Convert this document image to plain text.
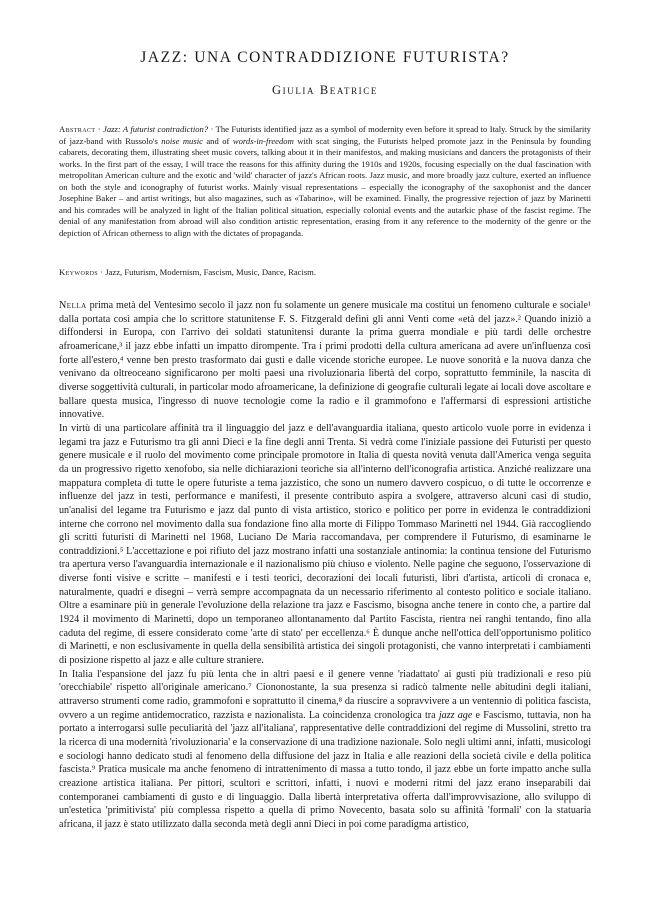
JAZZ: UNA CONTRADDIZIONE FUTURISTA?
Giulia Beatrice
Abstract · Jazz: A futurist contradiction? · The Futurists identified jazz as a symbol of modernity even before it spread to Italy. Struck by the similarity of jazz-band with Russolo's noise music and of words-in-freedom with scat singing, the Futurists helped promote jazz in the Peninsula by founding cabarets, decorating them, illustrating sheet music covers, talking about it in their manifestos, and making musicians and dancers the protagonists of their works. In the first part of the essay, I will trace the reasons for this affinity during the 1910s and 1920s, focusing especially on the dual fascination with metropolitan American culture and the exotic and 'wild' character of jazz's African roots. Jazz music, and more broadly jazz culture, exerted an influence on both the style and iconography of futurist works. Mainly visual representations – especially the iconography of the saxophonist and the dancer Josephine Baker – and artist writings, but also magazines, such as «Tabarino», will be examined. Finally, the progressive rejection of jazz by Marinetti and his comrades will be analyzed in light of the Italian political situation, especially colonial events and the autarkic phase of the fascist regime. The denial of any manifestation from abroad will also condition artistic representation, erasing from it any reference to the modernity of the genre or the depiction of African otherness to align with the dictates of propaganda.
Keywords · Jazz, Futurism, Modernism, Fascism, Music, Dance, Racism.

Nella prima metà del Ventesimo secolo il jazz non fu solamente un genere musicale ma costituì un fenomeno culturale e sociale¹ dalla portata così ampia che lo scrittore statunitense F. S. Fitzgerald definì gli anni Venti come «età del jazz».² Quando iniziò a diffondersi in Europa, con l'arrivo dei soldati statunitensi durante la prima guerra mondiale e più tardi delle orchestre afroamericane,³ il jazz ebbe infatti un impatto dirompente. Tra i primi prodotti della cultura americana ad avere un'influenza così forte all'estero,⁴ venne ben presto trasformato dai gusti e dalle vicende storiche europee. Le nuove sonorità e la nuova danza che venivano da oltreoceano significarono per molti paesi una rivoluzionaria libertà del corpo, soprattutto femminile, la nascita di diverse soggettività culturali, in particolar modo afroamericane, la definizione di geografie culturali legate ai locali dove ascoltare e ballare questa musica, l'ingresso di nuove tecnologie come la radio e il grammofono e l'affermarsi di espressioni artistiche innovative.

In virtù di una particolare affinità tra il linguaggio del jazz e dell'avanguardia italiana, questo articolo vuole porre in evidenza i legami tra jazz e Futurismo tra gli anni Dieci e la fine degli anni Trenta. Si vedrà come l'iniziale passione dei Futuristi per questo genere musicale e il ruolo del movimento come principale promotore in Italia di questa novità venuta dall'America venga seguita da un progressivo rigetto xenofobo, sia nelle dichiarazioni teoriche sia all'interno dell'iconografia artistica. Anziché realizzare una mappatura completa di tutte le opere futuriste a tema jazzistico, che sono un numero davvero cospicuo, o di tutte le occorrenze e influenze del jazz in testi, performance e manifesti, il presente contributo aspira a svolgere, attraverso alcuni casi di studio, un'analisi del legame tra Futurismo e jazz dal punto di vista artistico, storico e politico per porre in evidenza le contraddizioni interne che corrono nel movimento dalla sua fondazione fino alla morte di Filippo Tommaso Marinetti nel 1944. Già raccogliendo gli scritti futuristi di Marinetti nel 1968, Luciano De Maria raccomandava, per comprendere il Futurismo, di esaminarne le contraddizioni.⁵ L'accettazione e poi rifiuto del jazz mostrano infatti una sostanziale antinomia: la continua tensione del Futurismo tra apertura verso l'avanguardia internazionale e il nazionalismo più chiuso e violento. Nelle pagine che seguono, l'osservazione di diverse fonti visive e scritte – manifesti e i testi teorici, decorazioni dei locali futuristi, libri d'artista, articoli di cronaca e, naturalmente, quadri e disegni – verrà sempre accompagnata da un necessario riferimento al contesto politico e sociale italiano. Oltre a esaminare più in generale l'evoluzione della relazione tra jazz e Fascismo, bisogna anche tenere in conto che, a partire dal 1924 il movimento di Marinetti, dopo un temporaneo allontanamento dal Partito Fascista, rientra nei ranghi tentando, fino alla caduta del regime, di essere considerato come 'arte di stato' per eccellenza.⁶ È dunque anche nell'ottica dell'opportunismo politico di Marinetti, e non esclusivamente in quella della sensibilità artistica dei singoli protagonisti, che vanno interpretati i cambiamenti di posizione rispetto al jazz e alle culture straniere.

In Italia l'espansione del jazz fu più lenta che in altri paesi e il genere venne 'riadattato' ai gusti più tradizionali e reso più 'orecchiabile' rispetto all'originale americano.⁷ Ciononostante, la sua presenza si radicò talmente nelle abitudini degli italiani, attraverso strumenti come radio, grammofoni e soprattutto il cinema,⁸ da riuscire a sopravvivere a un ventennio di politica fascista, ovvero a un regime antidemocratico, razzista e nazionalista. La coincidenza cronologica tra jazz age e Fascismo, tuttavia, non ha portato a interrogarsi sulle peculiarità del 'jazz all'italiana', rappresentative delle contraddizioni del regime di Mussolini, stretto tra la ricerca di una modernità 'rivoluzionaria' e la conservazione di una tradizione nazionale. Solo negli ultimi anni, infatti, musicologi e sociologi hanno dedicato studi al fenomeno della diffusione del jazz in Italia e alle reazioni della società civile e della politica fascista.⁹ Pratica musicale ma anche fenomeno di intrattenimento di massa a tutto tondo, il jazz ebbe un forte impatto anche sulla creazione artistica italiana. Per pittori, scultori e scrittori, infatti, i nuovi e moderni ritmi del jazz erano inseparabili dai contemporanei cambiamenti di gusto e di linguaggio. Dalla libertà interpretativa offerta dall'improvvisazione, allo sviluppo di un'estetica 'primitivista' più complessa rispetto a quella di primo Novecento, basata solo su affinità 'formali' con la statuaria africana, il jazz è stato utilizzato dalla seconda metà degli anni Dieci in poi come paradigma artistico,
